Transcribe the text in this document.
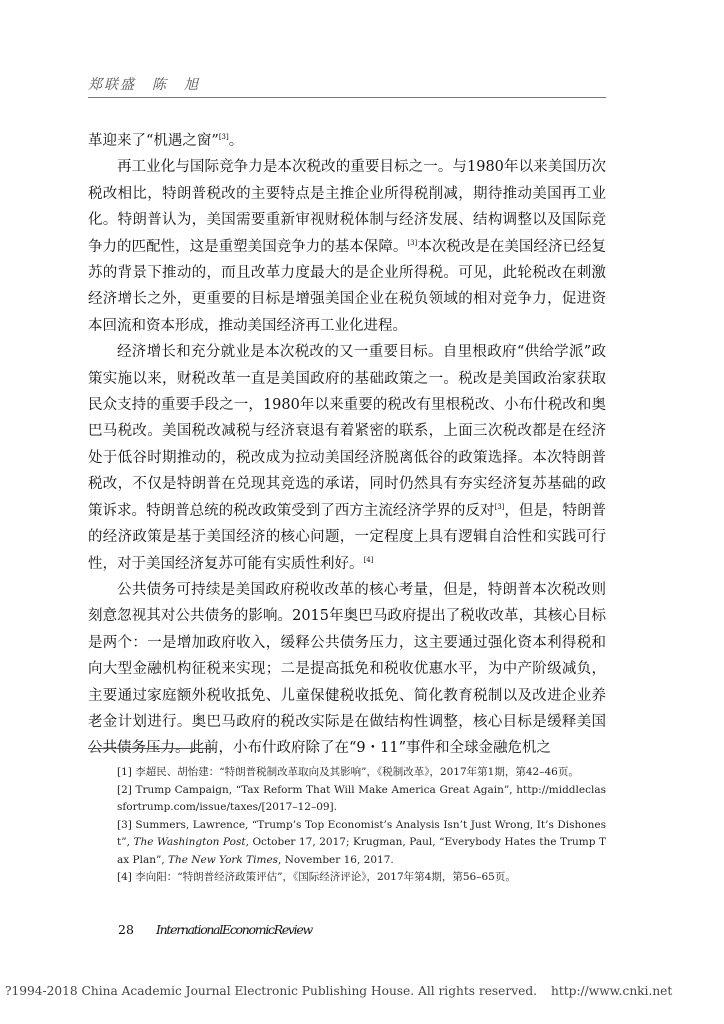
郑联盛　陈　旭

革迎来了“机遇之窗”[3]。

再工业化与国际竞争力是本次税改的重要目标之一。与1980年以来美国历次税改相比，特朗普税改的主要特点是主推企业所得税削减，期待推动美国再工业化。特朗普认为，美国需要重新审视财税体制与经济发展、结构调整以及国际竞争力的匹配性，这是重塑美国竞争力的基本保障。[3]本次税改是在美国经济已经复苏的背景下推动的，而且改革力度最大的是企业所得税。可见，此轮税改在刺激经济增长之外，更重要的目标是增强美国企业在税负领域的相对竞争力，促进资本回流和资本形成，推动美国经济再工业化进程。

经济增长和充分就业是本次税改的又一重要目标。自里根政府“供给学派”政策实施以来，财税改革一直是美国政府的基础政策之一。税改是美国政治家获取民众支持的重要手段之一，1980年以来重要的税改有里根税改、小布什税改和奥巴马税改。美国税改减税与经济衰退有着紧密的联系，上面三次税改都是在经济处于低谷时期推动的，税改成为拉动美国经济脱离低谷的政策选择。本次特朗普税改，不仅是特朗普在兑现其竞选的承诺，同时仍然具有夯实经济复苏基础的政策诉求。特朗普总统的税改政策受到了西方主流经济学界的反对[3]，但是，特朗普的经济政策是基于美国经济的核心问题，一定程度上具有逻辑自洽性和实践可行性，对于美国经济复苏可能有实质性利好。[4]

公共债务可持续是美国政府税收改革的核心考量，但是，特朗普本次税改则刻意忽视其对公共债务的影响。2015年奥巴马政府提出了税收改革，其核心目标是两个：一是增加政府收入，缓释公共债务压力，这主要通过强化资本利得税和向大型金融机构征税来实现；二是提高抵免和税收优惠水平，为中产阶级减负，主要通过家庭额外税收抵免、儿童保健税收抵免、简化教育税制以及改进企业养老金计划进行。奥巴马政府的税改实际是在做结构性调整，核心目标是缓释美国公共债务压力。此前，小布什政府除了在“9・11”事件和全球金融危机之

[1] 李超民、胡怡建：“特朗普税制改革取向及其影响”，《税制改革》，2017年第1期，第42–46页。

[2] Trump Campaign, “Tax Reform That Will Make America Great Again”, http://middleclassfortrump.com/issue/taxes/[2017–12–09].

[3] Summers, Lawrence, “Trump’s Top Economist’s Analysis Isn’t Just Wrong, It’s Dishonest”, The Washington Post, October 17, 2017; Krugman, Paul, “Everybody Hates the Trump Tax Plan”, The New York Times, November 16, 2017.

[4] 李向阳：“特朗普经济政策评估”，《国际经济评论》，2017年第4期，第56–65页。

28 InternationalEconomicReview
?1994-2018 China Academic Journal Electronic Publishing House. All rights reserved. http://www.cnki.net
